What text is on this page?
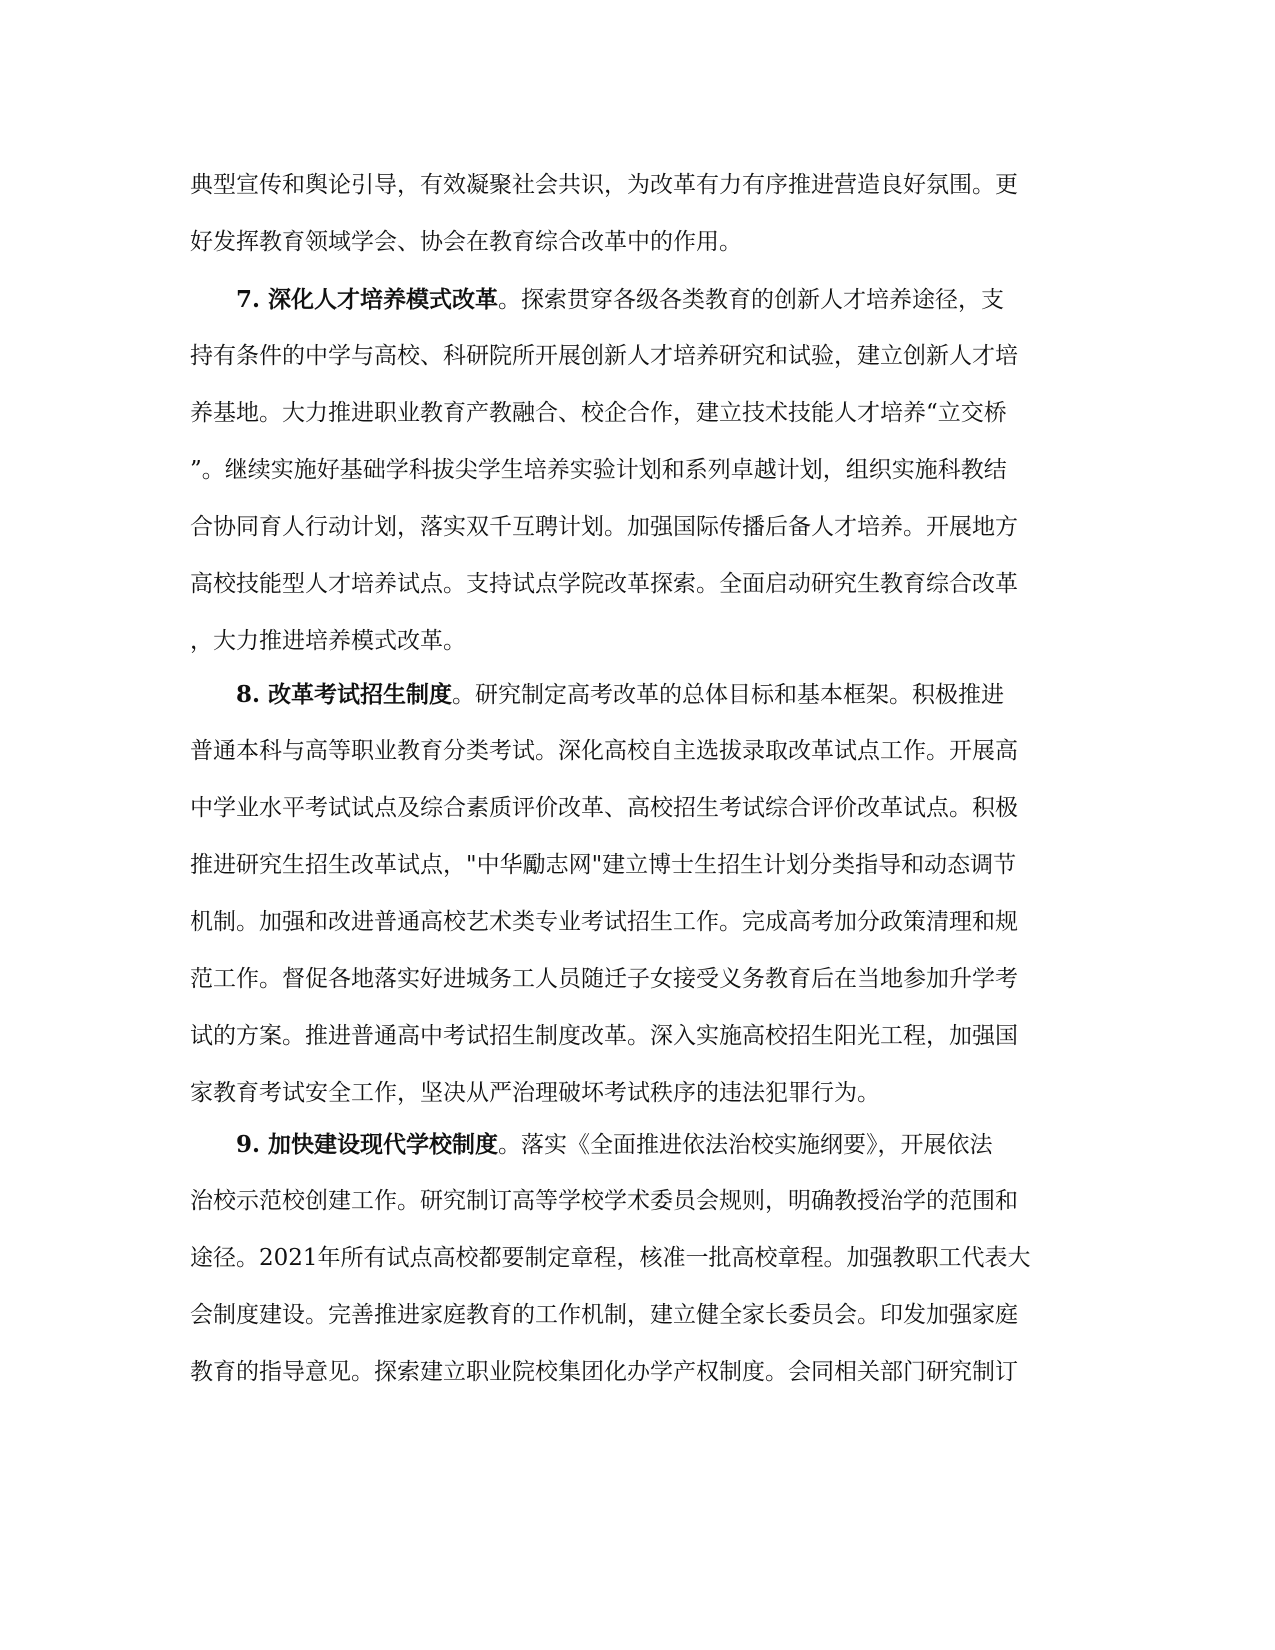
典型宣传和舆论引导，有效凝聚社会共识，为改革有力有序推进营造良好氛围。更
好发挥教育领域学会、协会在教育综合改革中的作用。
7. 深化人才培养模式改革。探索贯穿各级各类教育的创新人才培养途径，支
持有条件的中学与高校、科研院所开展创新人才培养研究和试验，建立创新人才培
养基地。大力推进职业教育产教融合、校企合作，建立技术技能人才培养“立交桥
”。继续实施好基础学科拔尖学生培养实验计划和系列卓越计划，组织实施科教结
合协同育人行动计划，落实双千互聘计划。加强国际传播后备人才培养。开展地方
高校技能型人才培养试点。支持试点学院改革探索。全面启动研究生教育综合改革
，大力推进培养模式改革。
8. 改革考试招生制度。研究制定高考改革的总体目标和基本框架。积极推进
普通本科与高等职业教育分类考试。深化高校自主选拔录取改革试点工作。开展高
中学业水平考试试点及综合素质评价改革、高校招生考试综合评价改革试点。积极
推进研究生招生改革试点，"中华勵志网"建立博士生招生计划分类指导和动态调节
机制。加强和改进普通高校艺术类专业考试招生工作。完成高考加分政策清理和规
范工作。督促各地落实好进城务工人员随迁子女接受义务教育后在当地参加升学考
试的方案。推进普通高中考试招生制度改革。深入实施高校招生阳光工程，加强国
家教育考试安全工作，坚决从严治理破坏考试秩序的违法犯罪行为。
9. 加快建设现代学校制度。落实《全面推进依法治校实施纲要》，开展依法
治校示范校创建工作。研究制订高等学校学术委员会规则，明确教授治学的范围和
途径。2021年所有试点高校都要制定章程，核准一批高校章程。加强教职工代表大
会制度建设。完善推进家庭教育的工作机制，建立健全家长委员会。印发加强家庭
教育的指导意见。探索建立职业院校集团化办学产权制度。会同相关部门研究制订
